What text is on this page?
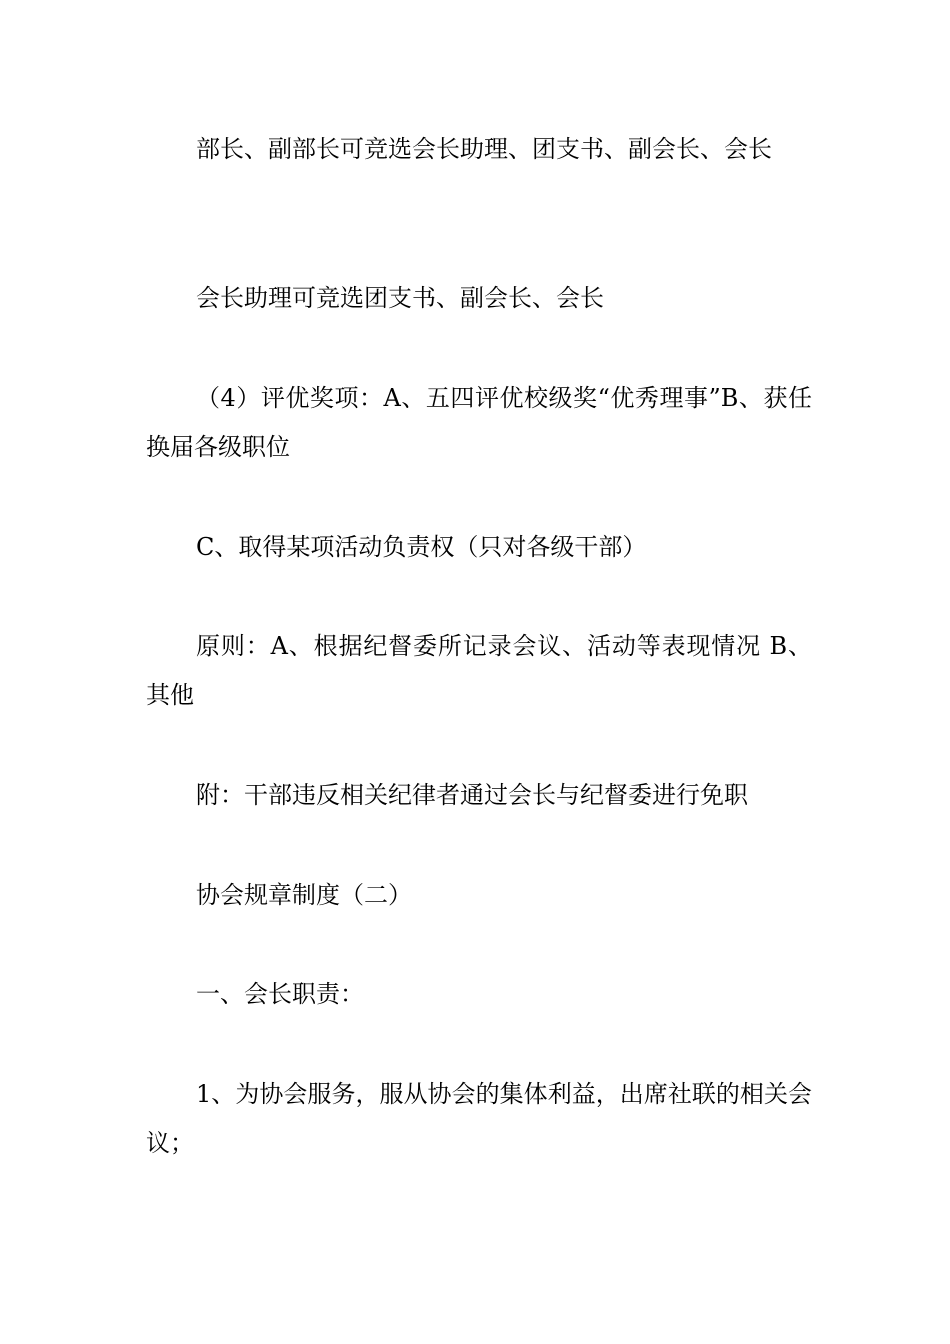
部长、副部长可竞选会长助理、团支书、副会长、会长

会长助理可竞选团支书、副会长、会长

（4）评优奖项：A、五四评优校级奖“优秀理事”B、获任换届各级职位

C、取得某项活动负责权（只对各级干部）

原则：A、根据纪督委所记录会议、活动等表现情况 B、其他

附：干部违反相关纪律者通过会长与纪督委进行免职

协会规章制度（二）

一、会长职责：

1、为协会服务，服从协会的集体利益，出席社联的相关会议；
